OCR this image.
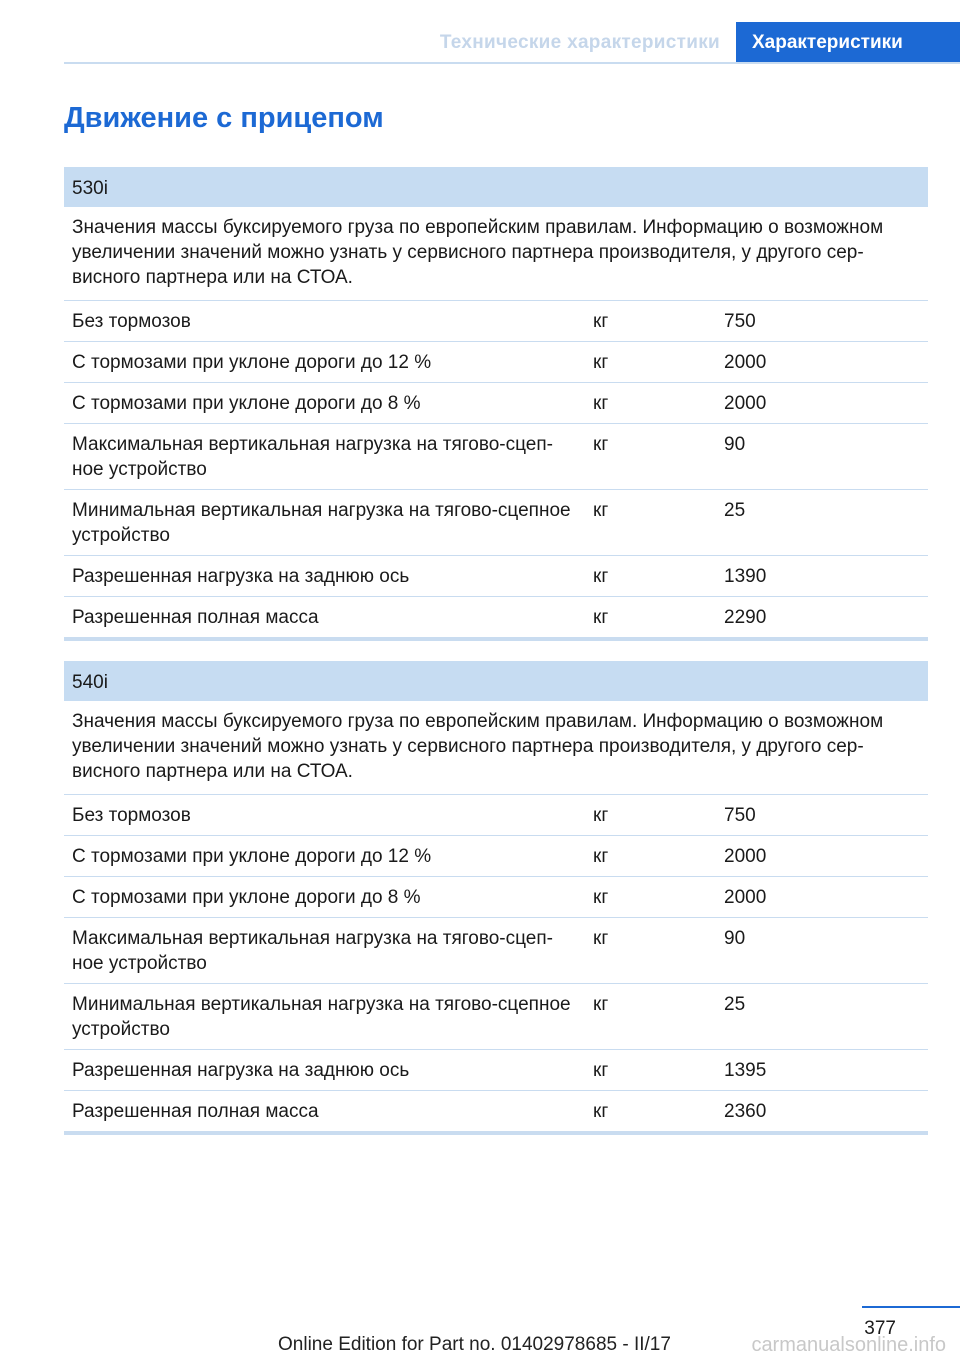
Технические характеристики	Характеристики
Движение с прицепом
530i		
Значения массы буксируемого груза по европейским правилам. Информацию о возможном увеличении значений можно узнать у сервисного партнера производителя, у другого сервисного партнера или на СТОА.		
Без тормозов	кг	750
С тормозами при уклоне дороги до 12 %	кг	2000
С тормозами при уклоне дороги до 8 %	кг	2000
Максимальная вертикальная нагрузка на тягово-сцепное устройство	кг	90
Минимальная вертикальная нагрузка на тягово-сцепное устройство	кг	25
Разрешенная нагрузка на заднюю ось	кг	1390
Разрешенная полная масса	кг	2290
540i		
Значения массы буксируемого груза по европейским правилам. Информацию о возможном увеличении значений можно узнать у сервисного партнера производителя, у другого сервисного партнера или на СТОА.		
Без тормозов	кг	750
С тормозами при уклоне дороги до 12 %	кг	2000
С тормозами при уклоне дороги до 8 %	кг	2000
Максимальная вертикальная нагрузка на тягово-сцепное устройство	кг	90
Минимальная вертикальная нагрузка на тягово-сцепное устройство	кг	25
Разрешенная нагрузка на заднюю ось	кг	1395
Разрешенная полная масса	кг	2360
377
Online Edition for Part no. 01402978685 - II/17	carmanualsonline.info
